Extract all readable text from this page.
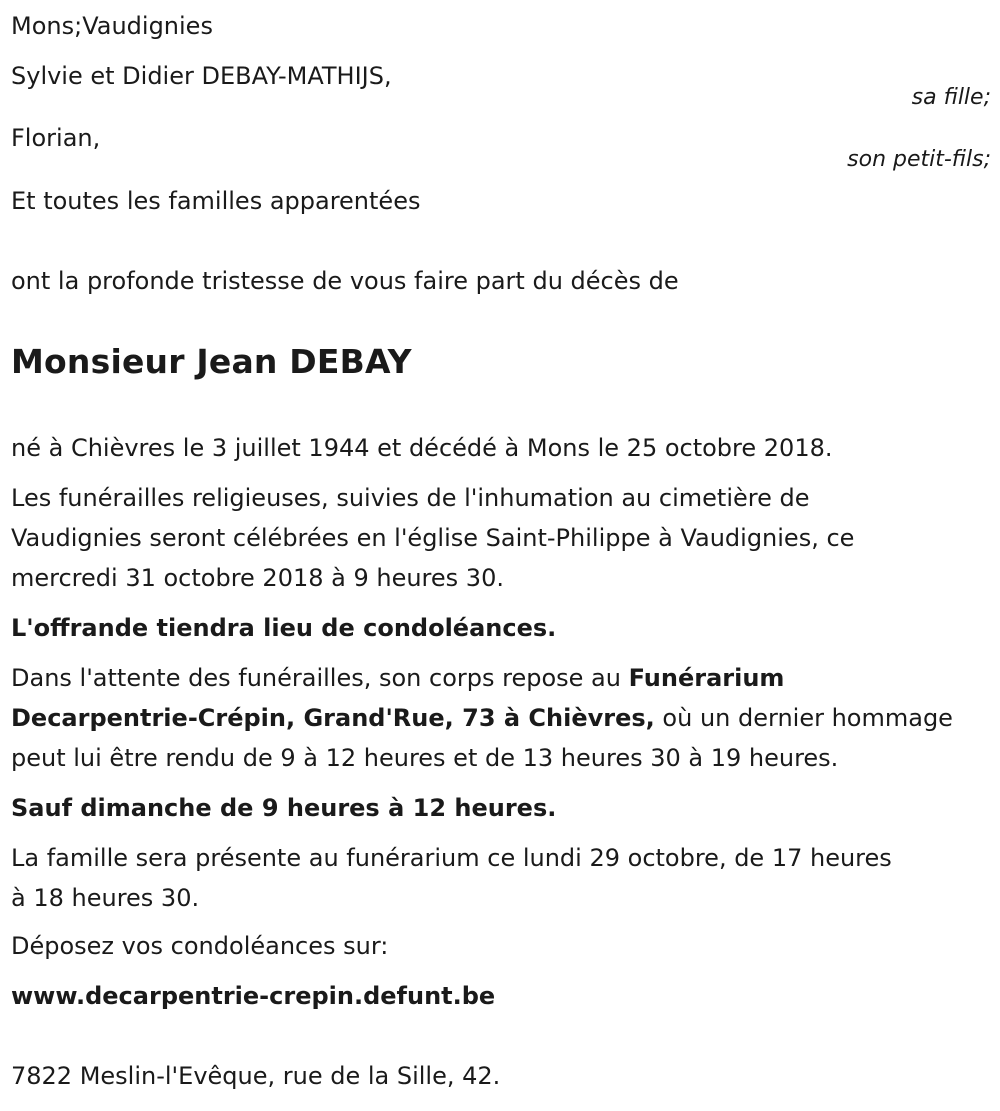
Mons;Vaudignies

Sylvie et Didier DEBAY-MATHIJS,

sa fille;

Florian,

son petit-fils;

Et toutes les familles apparentées

ont la profonde tristesse de vous faire part du décès de

Monsieur Jean DEBAY

né à Chièvres le 3 juillet 1944 et décédé à Mons le 25 octobre 2018.

Les funérailles religieuses, suivies de l'inhumation au cimetière de

Vaudignies seront célébrées en l'église Saint-Philippe à Vaudignies, ce

mercredi 31 octobre 2018 à 9 heures 30.

L'offrande tiendra lieu de condoléances.

Dans l'attente des funérailles, son corps repose au Funérarium

Decarpentrie-Crépin, Grand'Rue, 73 à Chièvres, où un dernier hommage

peut lui être rendu de 9 à 12 heures et de 13 heures 30 à 19 heures.

Sauf dimanche de 9 heures à 12 heures.

La famille sera présente au funérarium ce lundi 29 octobre, de 17 heures

à 18 heures 30.

Déposez vos condoléances sur:

www.decarpentrie-crepin.defunt.be

7822 Meslin-l'Evêque, rue de la Sille, 42.
